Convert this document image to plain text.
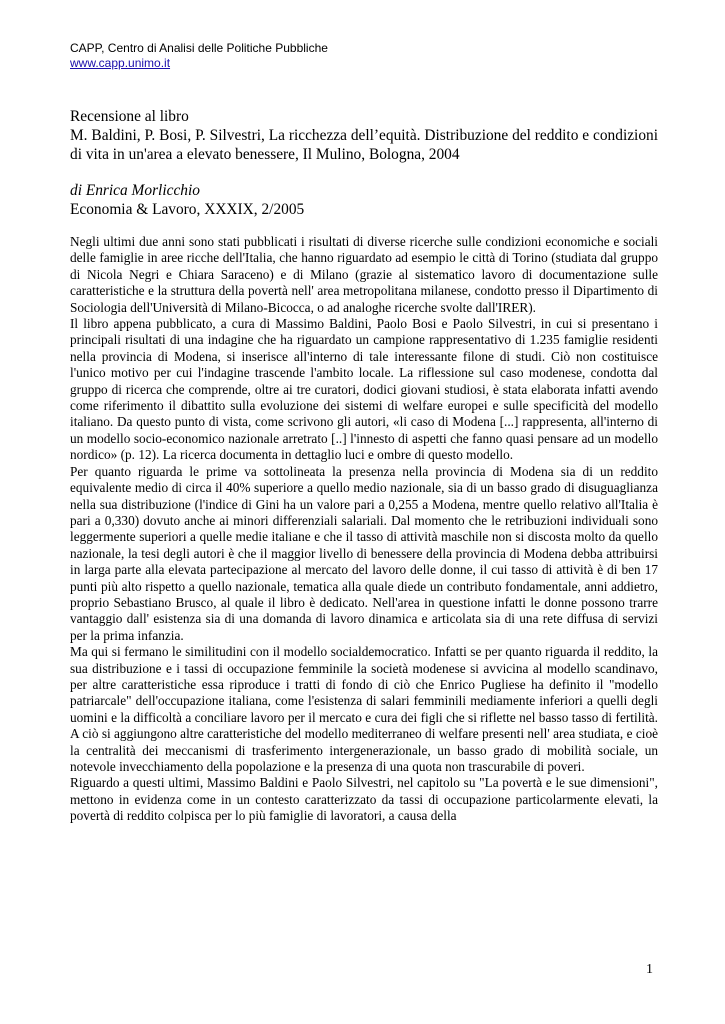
CAPP, Centro di Analisi delle Politiche Pubbliche
www.capp.unimo.it
Recensione al libro
M. Baldini, P. Bosi, P. Silvestri, La ricchezza dell’equità. Distribuzione del reddito e condizioni di vita in un'area a elevato benessere, Il Mulino, Bologna, 2004
di Enrica Morlicchio
Economia & Lavoro, XXXIX, 2/2005

Negli ultimi due anni sono stati pubblicati i risultati di diverse ricerche sulle condizioni economiche e sociali delle famiglie in aree ricche dell'Italia, che hanno riguardato ad esempio le città di Torino (studiata dal gruppo di Nicola Negri e Chiara Saraceno) e di Milano (grazie al sistematico lavoro di documentazione sulle caratteristiche e la struttura della povertà nell' area metropolitana milanese, condotto presso il Dipartimento di Sociologia dell'Università di Milano-Bicocca, o ad analoghe ricerche svolte dall'IRER).

Il libro appena pubblicato, a cura di Massimo Baldini, Paolo Bosi e Paolo Silvestri, in cui si presentano i principali risultati di una indagine che ha riguardato un campione rappresentativo di 1.235 famiglie residenti nella provincia di Modena, si inserisce all'interno di tale interessante filone di studi. Ciò non costituisce l'unico motivo per cui l'indagine trascende l'ambito locale. La riflessione sul caso modenese, condotta dal gruppo di ricerca che comprende, oltre ai tre curatori, dodici giovani studiosi, è stata elaborata infatti avendo come riferimento il dibattito sulla evoluzione dei sistemi di welfare europei e sulle specificità del modello italiano. Da questo punto di vista, come scrivono gli autori, «li caso di Modena [...] rappresenta, all'interno di un modello socio-economico nazionale arretrato [..] l'innesto di aspetti che fanno quasi pensare ad un modello nordico» (p. 12). La ricerca documenta in dettaglio luci e ombre di questo modello.

Per quanto riguarda le prime va sottolineata la presenza nella provincia di Modena sia di un reddito equivalente medio di circa il 40% superiore a quello medio nazionale, sia di un basso grado di disuguaglianza nella sua distribuzione (l'indice di Gini ha un valore pari a 0,255 a Modena, mentre quello relativo all'Italia è pari a 0,330) dovuto anche ai minori differenziali salariali. Dal momento che le retribuzioni individuali sono leggermente superiori a quelle medie italiane e che il tasso di attività maschile non si discosta molto da quello nazionale, la tesi degli autori è che il maggior livello di benessere della provincia di Modena debba attribuirsi in larga parte alla elevata partecipazione al mercato del lavoro delle donne, il cui tasso di attività è di ben 17 punti più alto rispetto a quello nazionale, tematica alla quale diede un contributo fondamentale, anni addietro, proprio Sebastiano Brusco, al quale il libro è dedicato. Nell'area in questione infatti le donne possono trarre vantaggio dall' esistenza sia di una domanda di lavoro dinamica e articolata sia di una rete diffusa di servizi per la prima infanzia.

Ma qui si fermano le similitudini con il modello socialdemocratico. Infatti se per quanto riguarda il reddito, la sua distribuzione e i tassi di occupazione femminile la società modenese si avvicina al modello scandinavo, per altre caratteristiche essa riproduce i tratti di fondo di ciò che Enrico Pugliese ha definito il "modello patriarcale" dell'occupazione italiana, come l'esistenza di salari femminili mediamente inferiori a quelli degli uomini e la difficoltà a conciliare lavoro per il mercato e cura dei figli che si riflette nel basso tasso di fertilità. A ciò si aggiungono altre caratteristiche del modello mediterraneo di welfare presenti nell' area studiata, e cioè la centralità dei meccanismi di trasferimento intergenerazionale, un basso grado di mobilità sociale, un notevole invecchiamento della popolazione e la presenza di una quota non trascurabile di poveri.

Riguardo a questi ultimi, Massimo Baldini e Paolo Silvestri, nel capitolo su "La povertà e le sue dimensioni", mettono in evidenza come in un contesto caratterizzato da tassi di occupazione particolarmente elevati, la povertà di reddito colpisca per lo più famiglie di lavoratori, a causa della

1
